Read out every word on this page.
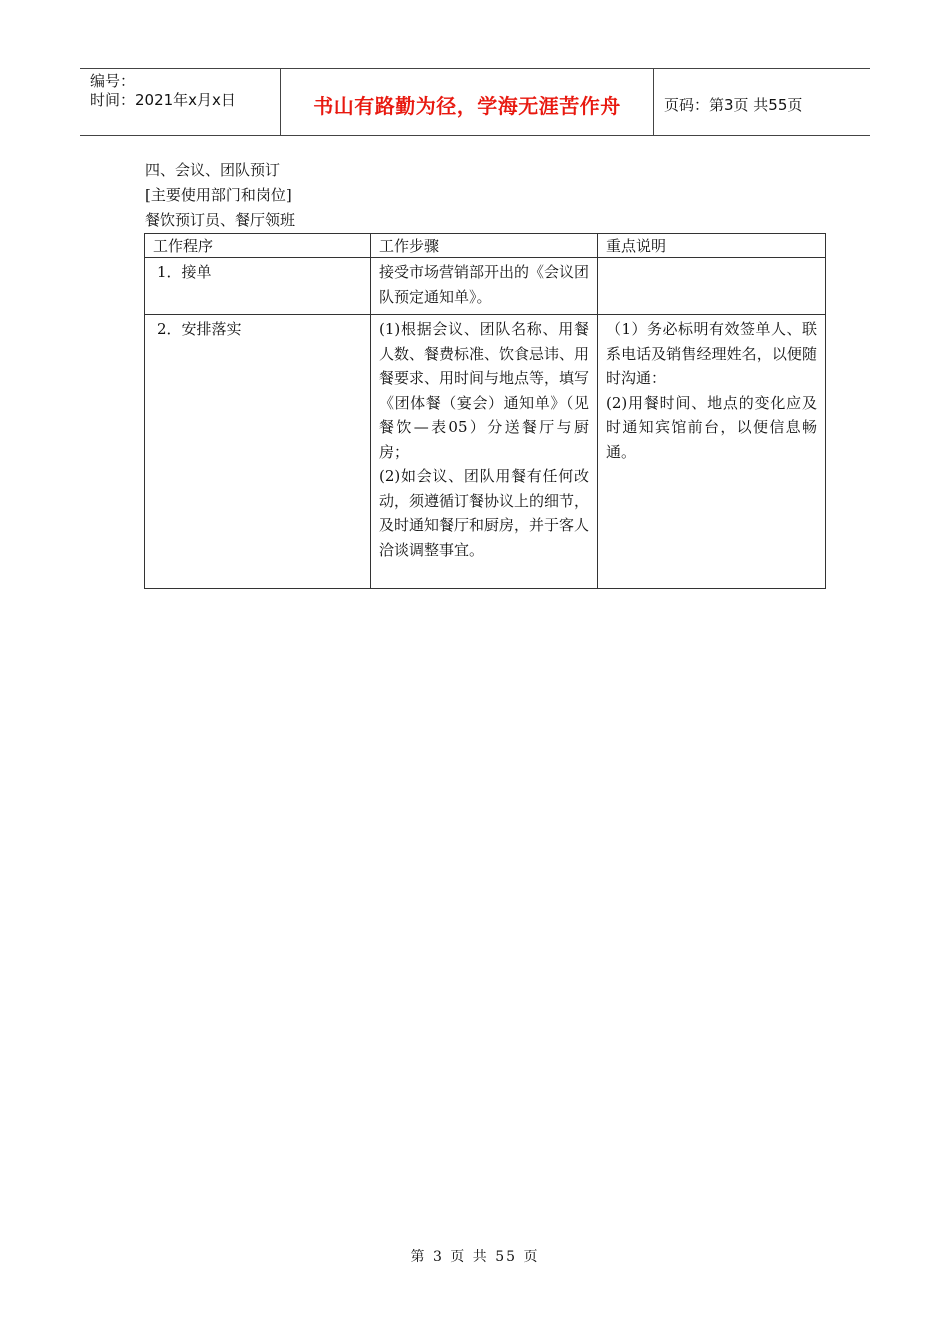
编号：
时间：2021年x月x日	书山有路勤为径，学海无涯苦作舟	页码：第3页 共55页
四、会议、团队预订
[主要使用部门和岗位]
餐饮预订员、餐厅领班
工作程序	工作步骤	重点说明
1．接单	接受市场营销部开出的《会议团队预定通知单》。	

2．安排落实	(1)根据会议、团队名称、用餐人数、餐费标准、饮食忌讳、用餐要求、用时间与地点等，填写《团体餐（宴会）通知单》（见餐饮—表05）分送餐厅与厨房；
(2)如会议、团队用餐有任何改动，须遵循订餐协议上的细节，及时通知餐厅和厨房，并于客人洽谈调整事宜。	（1）务必标明有效签单人、联系电话及销售经理姓名，以便随时沟通：
(2)用餐时间、地点的变化应及时通知宾馆前台，以便信息畅通。
第 3 页 共 55 页
